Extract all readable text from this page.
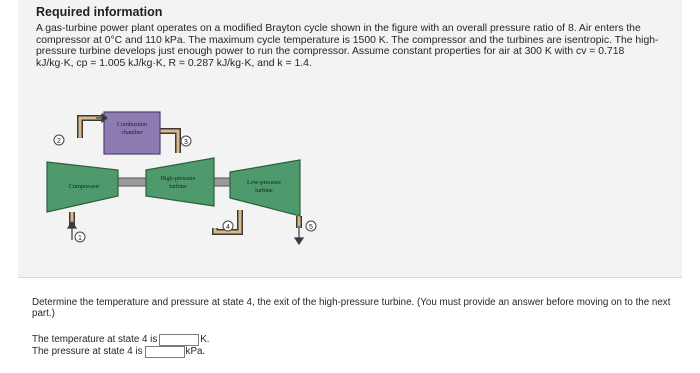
Required information
A gas-turbine power plant operates on a modified Brayton cycle shown in the figure with an overall pressure ratio of 8. Air enters the compressor at 0°C and 110 kPa. The maximum cycle temperature is 1500 K. The compressor and the turbines are isentropic. The high-pressure turbine develops just enough power to run the compressor. Assume constant properties for air at 300 K with cv = 0.718 kJ/kg·K, cp = 1.005 kJ/kg·K, R = 0.287 kJ/kg·K, and k = 1.4.
Combustion
chamber
Compressor
High-pressure
turbine
Low-pressure
turbine
1
2	3
4	5
Determine the temperature and pressure at state 4, the exit of the high-pressure turbine. (You must provide an answer before moving on to the next part.)
The temperature at state 4 is	K.
The pressure at state 4 is	kPa.
